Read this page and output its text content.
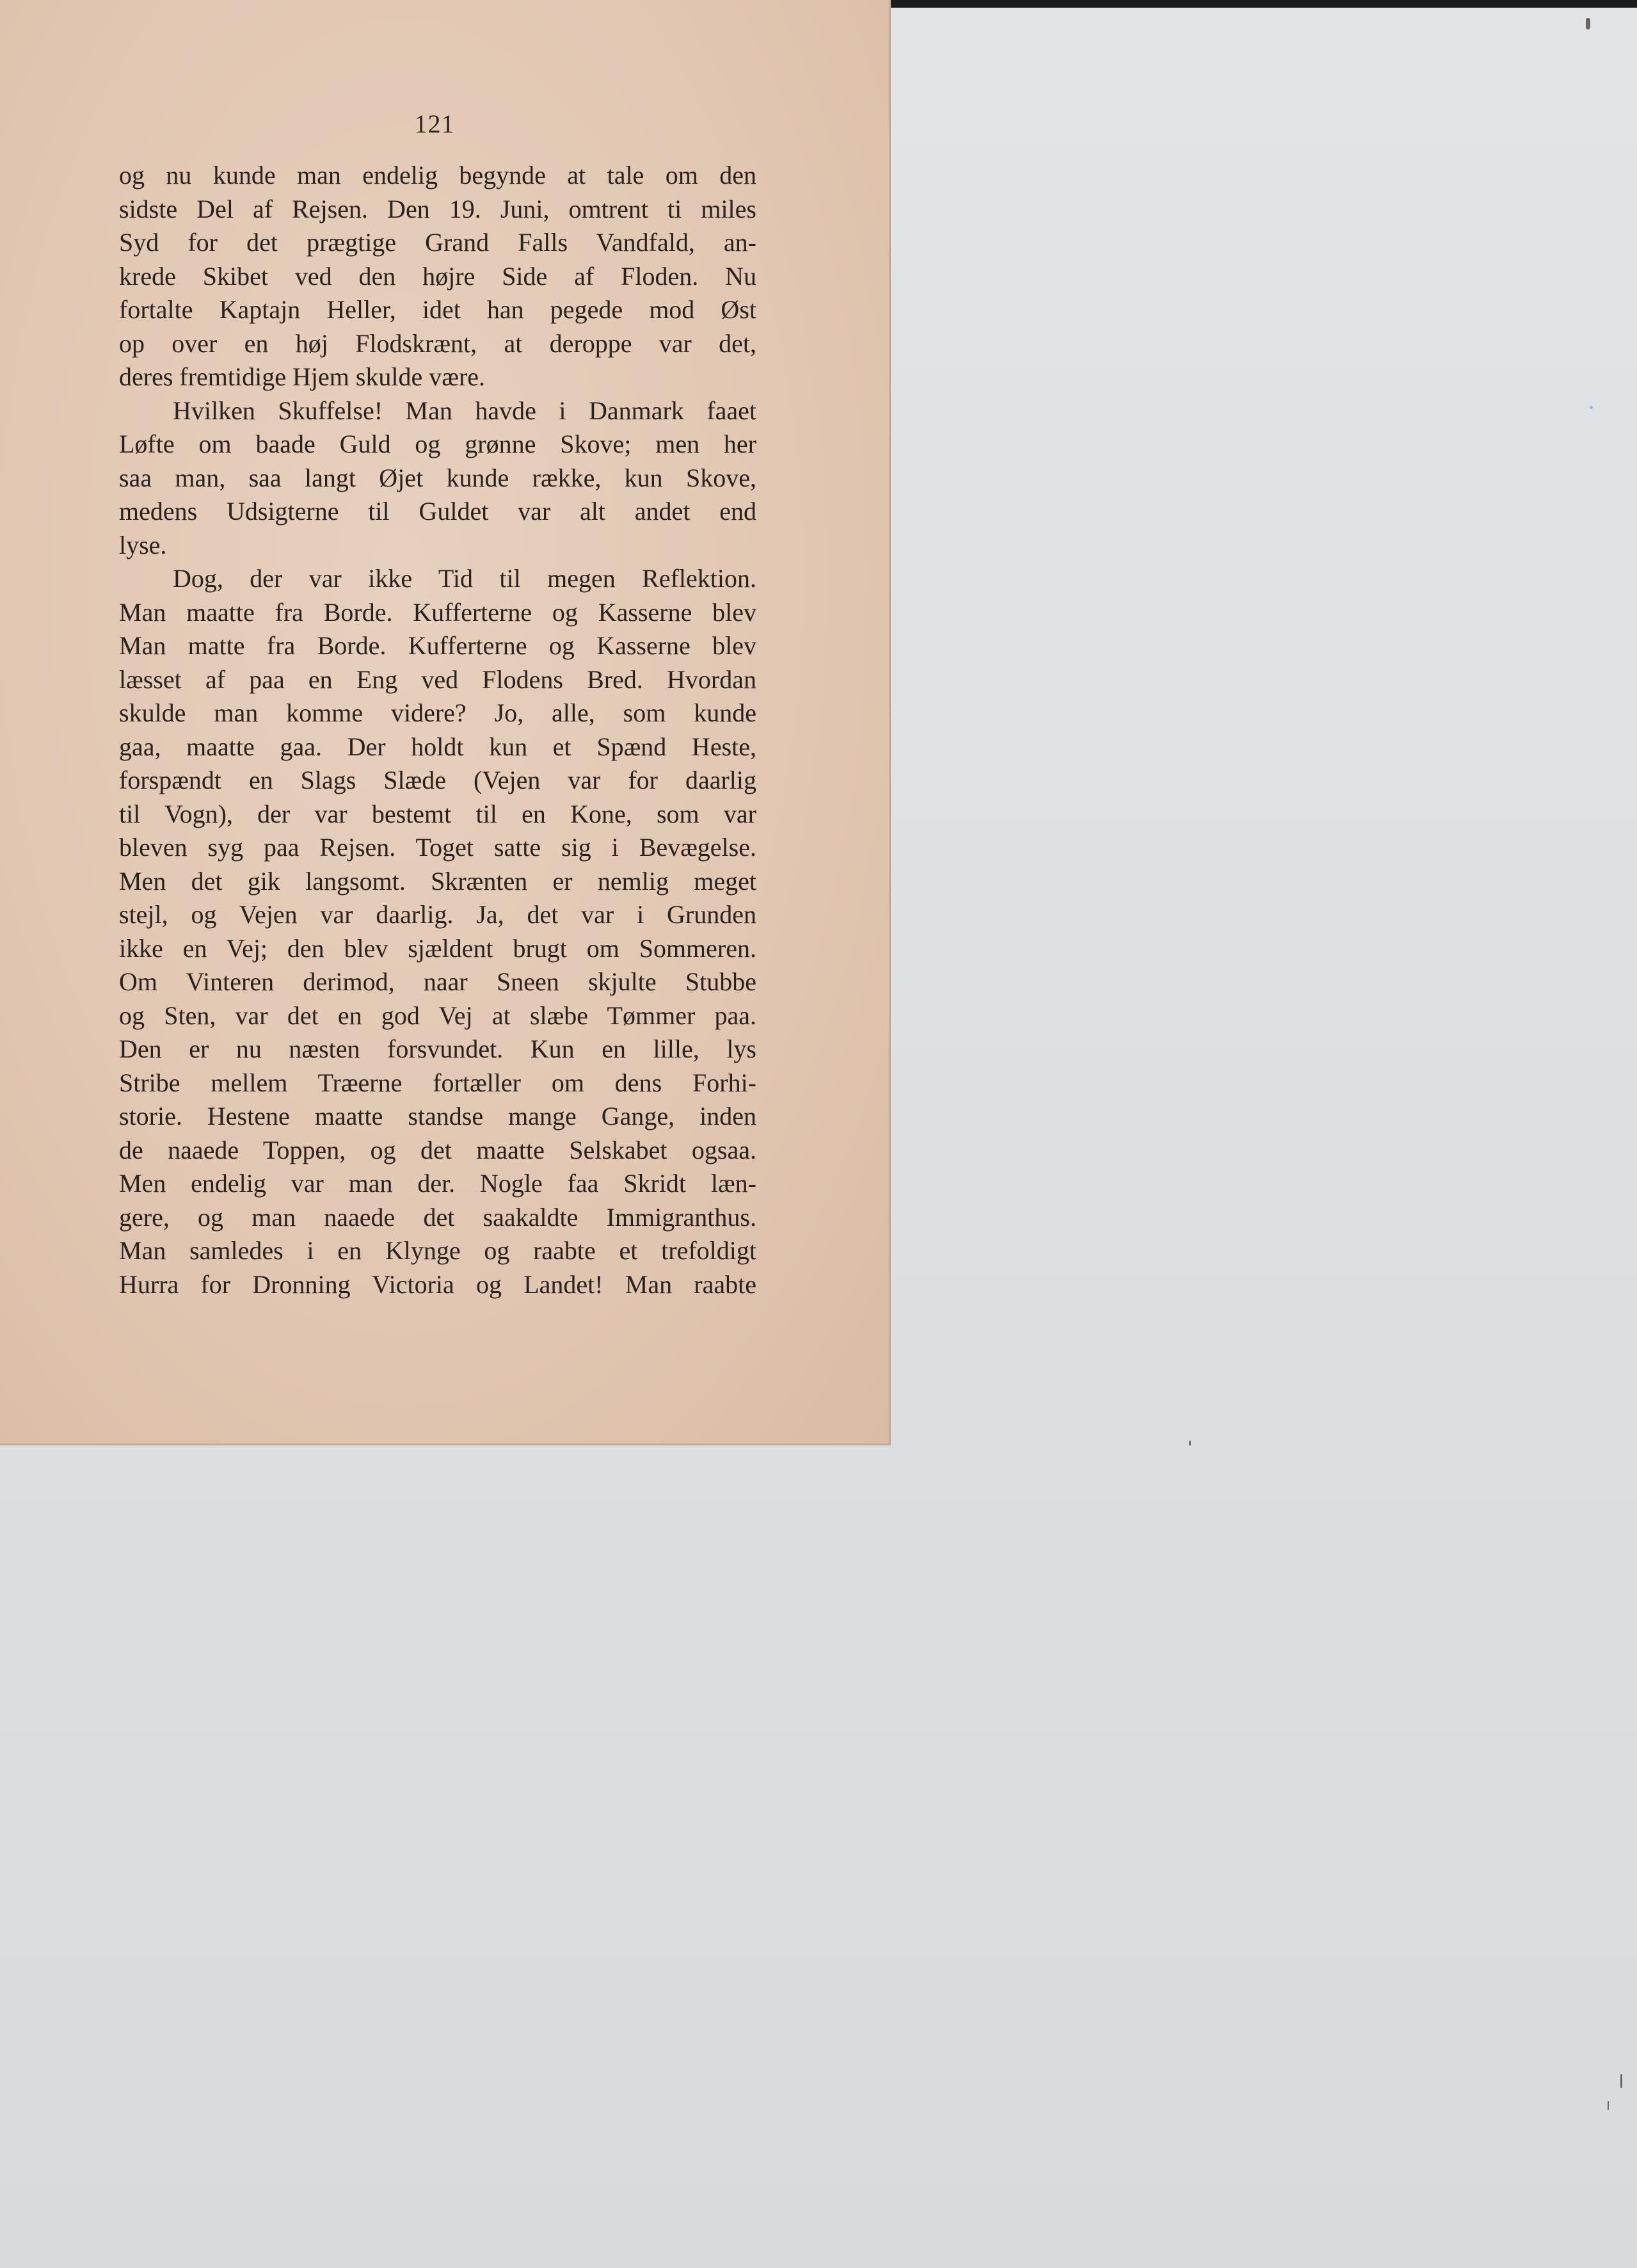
121
og nu kunde man endelig begynde at tale om den
sidste Del af Rejsen. Den 19. Juni, omtrent ti miles
Syd for det prægtige Grand Falls Vandfald, an-
krede Skibet ved den højre Side af Floden. Nu
fortalte Kaptajn Heller, idet han pegede mod Øst
op over en høj Flodskrænt, at deroppe var det,
deres fremtidige Hjem skulde være.
Hvilken Skuffelse! Man havde i Danmark faaet
Løfte om baade Guld og grønne Skove; men her
saa man, saa langt Øjet kunde række, kun Skove,
medens Udsigterne til Guldet var alt andet end
lyse.
Dog, der var ikke Tid til megen Reflektion.
Man maatte fra Borde. Kufferterne og Kasserne blev
Man matte fra Borde. Kufferterne og Kasserne blev
læsset af paa en Eng ved Flodens Bred. Hvordan
skulde man komme videre? Jo, alle, som kunde
gaa, maatte gaa. Der holdt kun et Spænd Heste,
forspændt en Slags Slæde (Vejen var for daarlig
til Vogn), der var bestemt til en Kone, som var
bleven syg paa Rejsen. Toget satte sig i Bevægelse.
Men det gik langsomt. Skrænten er nemlig meget
stejl, og Vejen var daarlig. Ja, det var i Grunden
ikke en Vej; den blev sjældent brugt om Sommeren.
Om Vinteren derimod, naar Sneen skjulte Stubbe
og Sten, var det en god Vej at slæbe Tømmer paa.
Den er nu næsten forsvundet. Kun en lille, lys
Stribe mellem Træerne fortæller om dens Forhi-
storie. Hestene maatte standse mange Gange, inden
de naaede Toppen, og det maatte Selskabet ogsaa.
Men endelig var man der. Nogle faa Skridt læn-
gere, og man naaede det saakaldte Immigranthus.
Man samledes i en Klynge og raabte et trefoldigt
Hurra for Dronning Victoria og Landet! Man raabte
